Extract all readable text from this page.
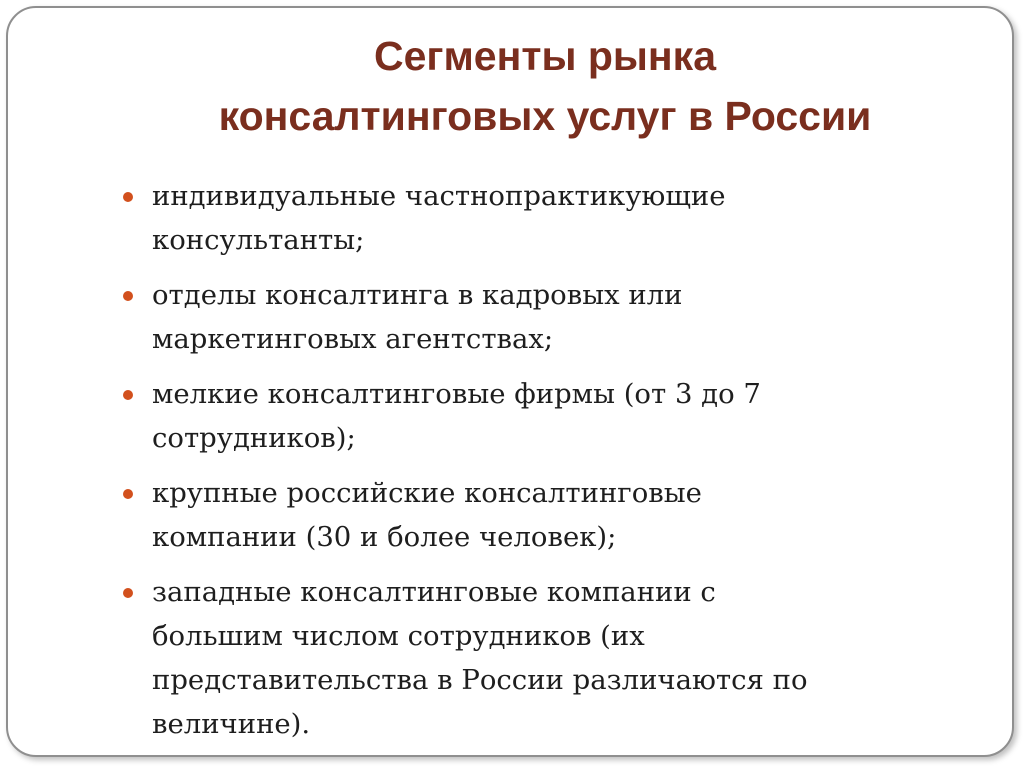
Сегменты рынка
консалтинговых услуг в России
индивидуальные частнопрактикующие
консультанты;
отделы консалтинга в кадровых или
маркетинговых агентствах;
мелкие консалтинговые фирмы (от 3 до 7
сотрудников);
крупные российские консалтинговые
компании (30 и более человек);
западные консалтинговые компании с
большим числом сотрудников (их
представительства в России различаются по
величине).
